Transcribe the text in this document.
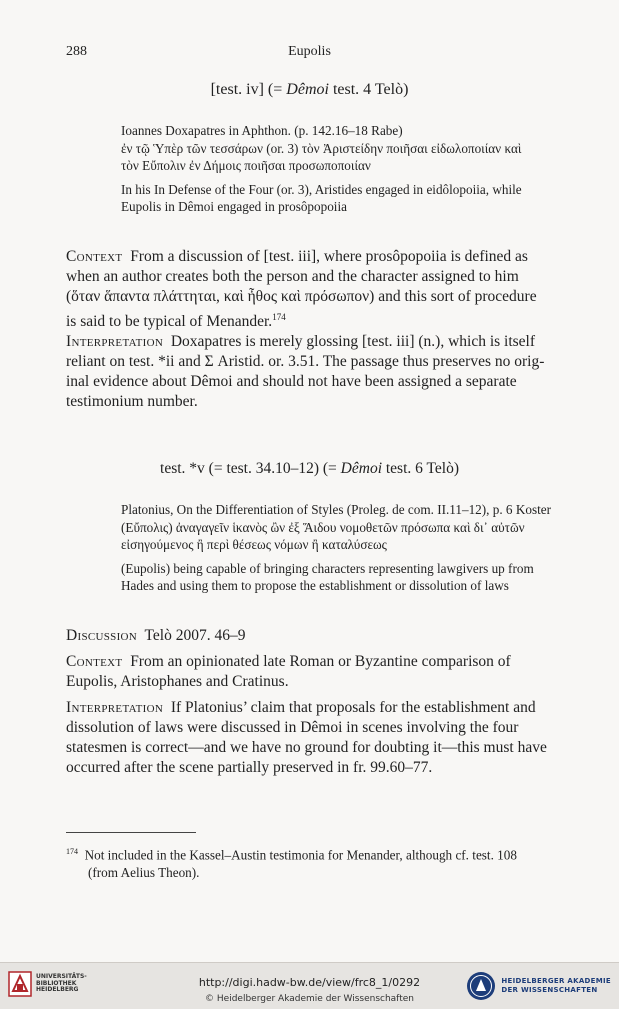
288	Eupolis
[test. iv] (= Dêmoi test. 4 Telò)
Ioannes Doxapatres in Aphthon. (p. 142.16–18 Rabe)
ἐν τῷ Ὑπὲρ τῶν τεσσάρων (or. 3) τὸν Ἀριστείδην ποιῆσαι εἰδωλοποιίαν καὶ
τὸν Εὔπολιν ἐν Δήμοις ποιῆσαι προσωποποιίαν
In his In Defense of the Four (or. 3), Aristides engaged in eidôlopoiia, while
Eupolis in Dêmoi engaged in prosôpopoiia
Context From a discussion of [test. iii], where prosôpopoiia is defined as
when an author creates both the person and the character assigned to him
(ὅταν ἅπαντα πλάττηται, καὶ ἦθος καὶ πρόσωπον) and this sort of procedure
is said to be typical of Menander.$^{174}$
Interpretation Doxapatres is merely glossing [test. iii] (n.), which is itself
reliant on test. *ii and Σ Aristid. or. 3.51. The passage thus preserves no orig-
inal evidence about Dêmoi and should not have been assigned a separate
testimonium number.
test. *v (= test. 34.10–12) (= Dêmoi test. 6 Telò)
Platonius, On the Differentiation of Styles (Proleg. de com. II.11–12), p. 6 Koster
(Εὔπολις) ἀναγαγεῖν ἱκανὸς ὢν ἐξ Ἅιδου νομοθετῶν πρόσωπα καὶ δι᾽ αὐτῶν
εἰσηγούμενος ἢ περὶ θέσεως νόμων ἢ καταλύσεως
(Eupolis) being capable of bringing characters representing lawgivers up from
Hades and using them to propose the establishment or dissolution of laws
Discussion Telò 2007. 46–9
Context From an opinionated late Roman or Byzantine comparison of
Eupolis, Aristophanes and Cratinus.
Interpretation If Platonius’ claim that proposals for the establishment and
dissolution of laws were discussed in Dêmoi in scenes involving the four
statesmen is correct—and we have no ground for doubting it—this must have
occurred after the scene partially preserved in fr. 99.60–77.
$^{174}$ Not included in the Kassel–Austin testimonia for Menander, although cf. test. 108
(from Aelius Theon).
UNIVERSITÄTS-
BIBLIOTHEK
HEIDELBERG
http://digi.hadw-bw.de/view/frc8_1/0292
© Heidelberger Akademie der Wissenschaften
HEIDELBERGER AKADEMIE
DER WISSENSCHAFTEN
